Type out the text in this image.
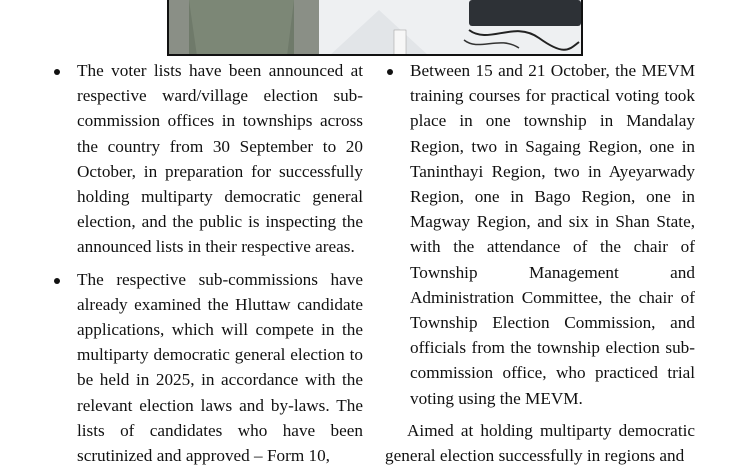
The voter lists have been announced at respective ward/village election sub-commission offices in townships across the country from 30 September to 20 October, in preparation for successfully holding multiparty democratic general election, and the public is inspecting the announced lists in their respective areas.
The respective sub-commissions have already examined the Hluttaw candidate applications, which will compete in the multiparty democratic general election to be held in 2025, in accordance with the relevant election laws and by-laws. The lists of candidates who have been scrutinized and approved – Form 10,
Between 15 and 21 October, the MEVM training courses for practical voting took place in one township in Mandalay Region, two in Sagaing Region, one in Taninthayi Region, two in Ayeyarwady Region, one in Bago Region, one in Magway Region, and six in Shan State, with the attendance of the chair of Township Management and Administration Committee, the chair of Township Election Commission, and officials from the township election sub-commission office, who practiced trial voting using the MEVM.

Aimed at holding multiparty democratic general election successfully in regions and
